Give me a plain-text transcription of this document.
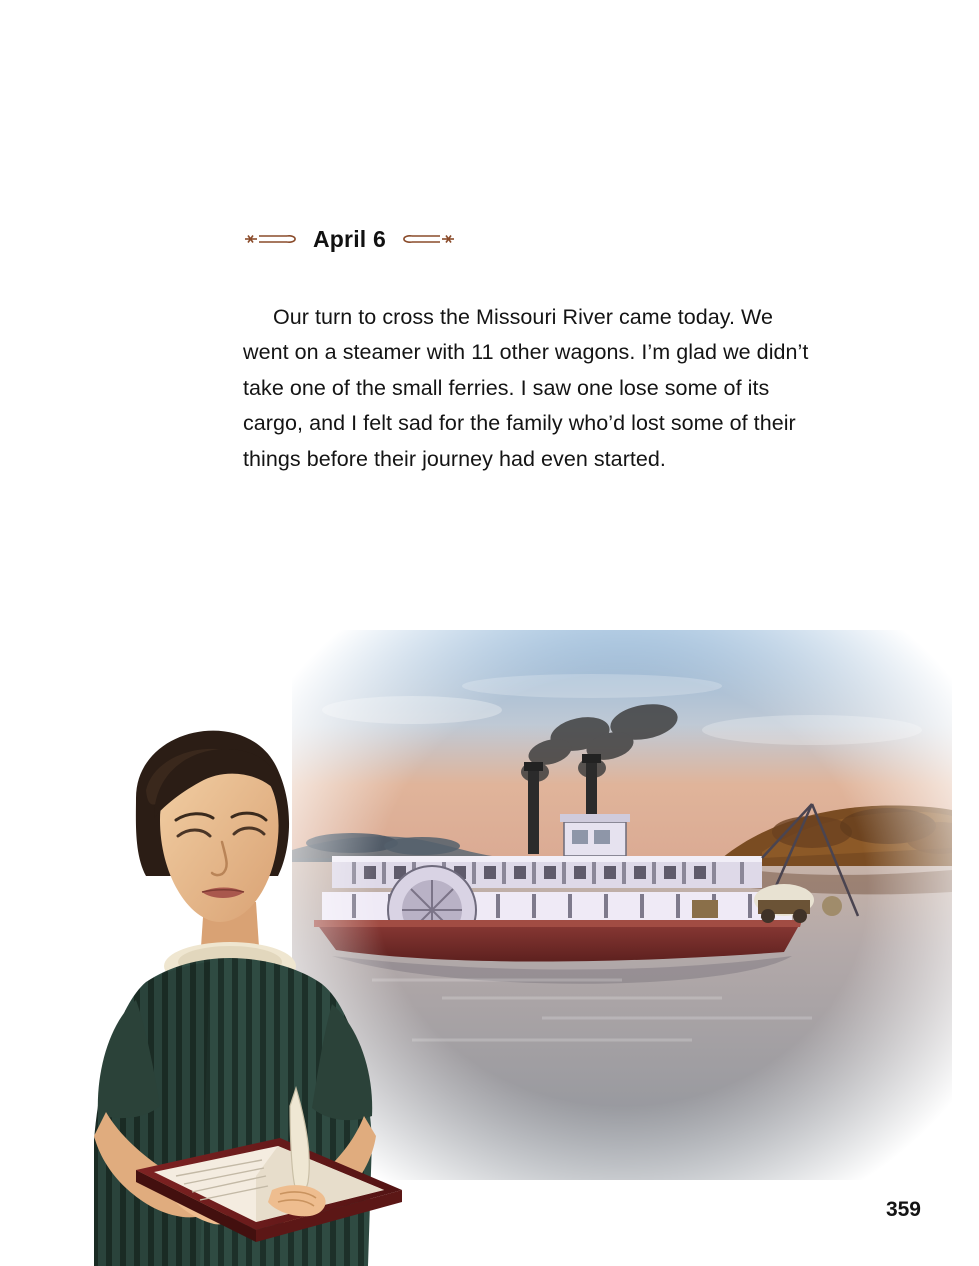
April 6

Our turn to cross the Missouri River came today. We went on a steamer with 11 other wagons. I’m glad we didn’t take one of the small ferries. I saw one lose some of its cargo, and I felt sad for the family who’d lost some of their things before their journey had even started.

359
